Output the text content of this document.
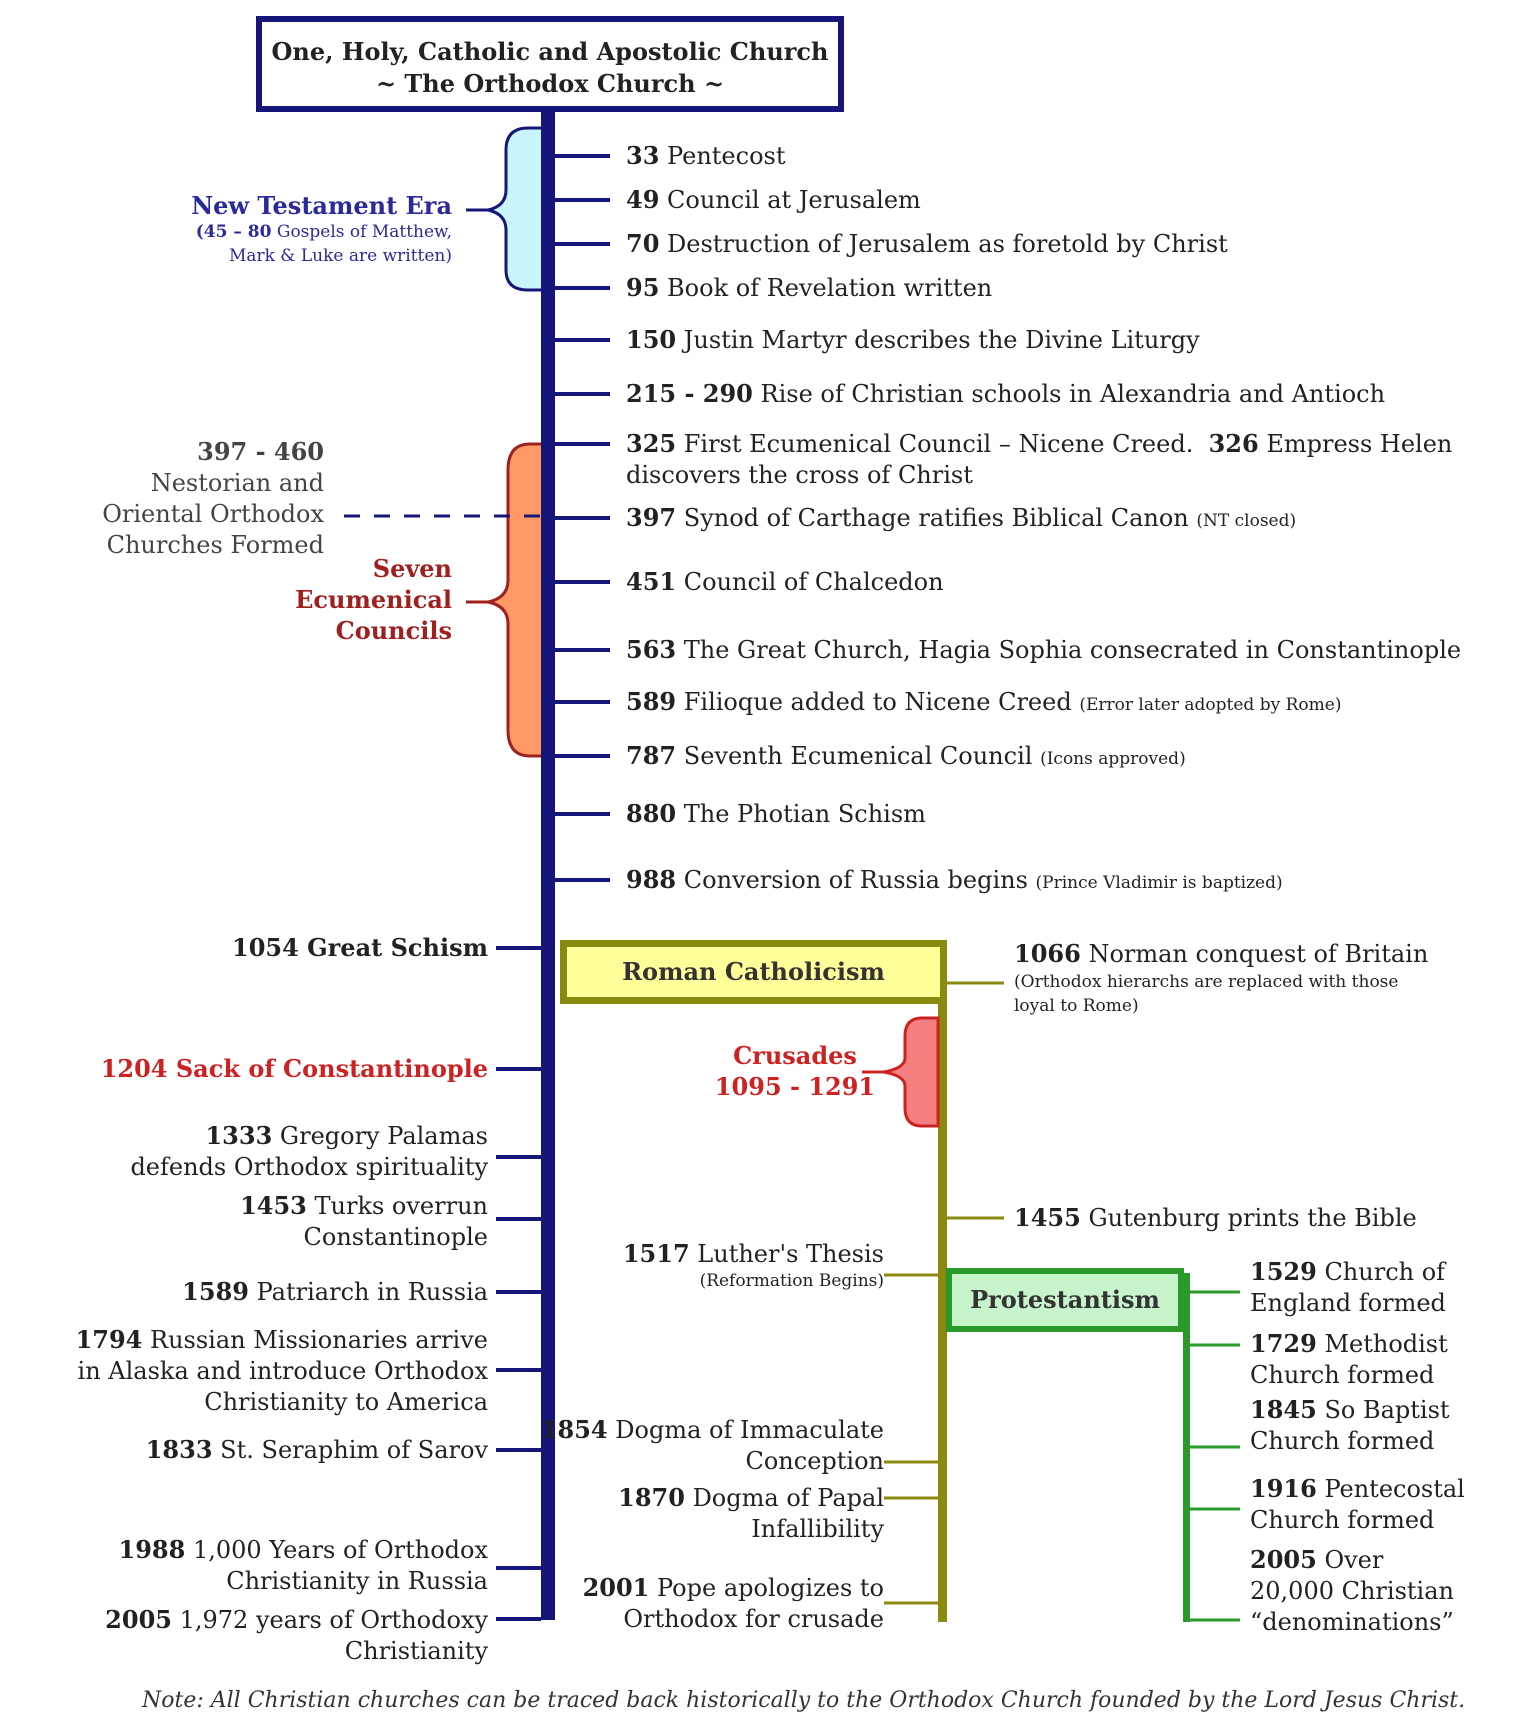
One, Holy, Catholic and Apostolic Church
~ The Orthodox Church ~
New Testament Era
(45 – 80 Gospels of Matthew,
Mark & Luke are written)
397 - 460
Nestorian and
Oriental Orthodox
Churches Formed
Seven
Ecumenical
Councils
33 Pentecost
49 Council at Jerusalem
70 Destruction of Jerusalem as foretold by Christ
95 Book of Revelation written
150 Justin Martyr describes the Divine Liturgy
215 - 290 Rise of Christian schools in Alexandria and Antioch
325 First Ecumenical Council – Nicene Creed. 326 Empress Helen
discovers the cross of Christ
397 Synod of Carthage ratifies Biblical Canon (NT closed)
451 Council of Chalcedon
563 The Great Church, Hagia Sophia consecrated in Constantinople
589 Filioque added to Nicene Creed (Error later adopted by Rome)
787 Seventh Ecumenical Council (Icons approved)
880 The Photian Schism
988 Conversion of Russia begins (Prince Vladimir is baptized)
1054 Great Schism
1204 Sack of Constantinople
1333 Gregory Palamas
defends Orthodox spirituality
1453 Turks overrun
Constantinople
1589 Patriarch in Russia
1794 Russian Missionaries arrive
in Alaska and introduce Orthodox
Christianity to America
1833 St. Seraphim of Sarov
1988 1,000 Years of Orthodox
Christianity in Russia
2005 1,972 years of Orthodoxy
Christianity
Roman Catholicism
1066 Norman conquest of Britain
(Orthodox hierarchs are replaced with those
loyal to Rome)
Crusades
1095 - 1291
1455 Gutenburg prints the Bible
1517 Luther's Thesis
(Reformation Begins)
1854 Dogma of Immaculate
Conception
1870 Dogma of Papal
Infallibility
2001 Pope apologizes to
Orthodox for crusade
Protestantism
1529 Church of
England formed
1729 Methodist
Church formed
1845 So Baptist
Church formed
1916 Pentecostal
Church formed
2005 Over
20,000 Christian
“denominations”
Note: All Christian churches can be traced back historically to the Orthodox Church founded by the Lord Jesus Christ.
